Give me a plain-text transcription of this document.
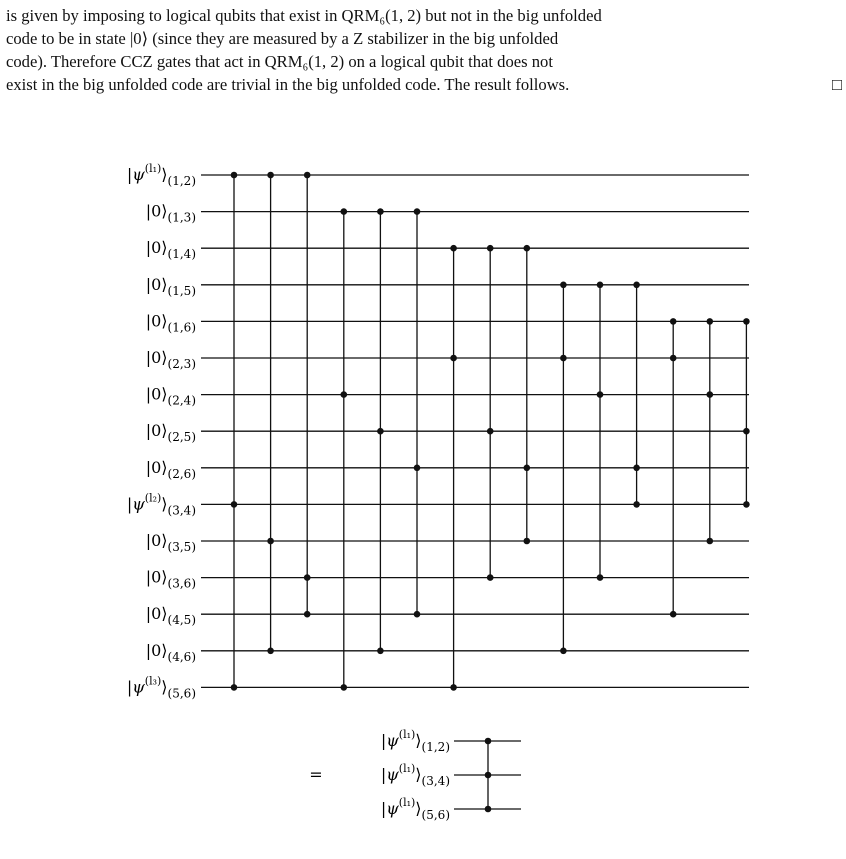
is given by imposing to logical qubits that exist in QRM₆(1, 2) but not in the big unfolded
code to be in state |0⟩ (since they are measured by a Z stabilizer in the big unfolded
code). Therefore CCZ gates that act in QRM₆(1, 2) on a logical qubit that does not
exist in the big unfolded code are trivial in the big unfolded code. The result follows.	□
$|\psi^{(l_1)}⟩_{(1,2)}$
$|0⟩_{(1,3)}$
$|0⟩_{(1,4)}$
$|0⟩_{(1,5)}$
$|0⟩_{(1,6)}$
$|0⟩_{(2,3)}$
$|0⟩_{(2,4)}$
$|0⟩_{(2,5)}$
$|0⟩_{(2,6)}$
$|\psi^{(l_2)}⟩_{(3,4)}$
$|0⟩_{(3,5)}$
$|0⟩_{(3,6)}$
$|0⟩_{(4,5)}$
$|0⟩_{(4,6)}$
$|\psi^{(l_3)}⟩_{(5,6)}$
=
$|\psi^{(l_1)}⟩_{(1,2)}$
$|\psi^{(l_1)}⟩_{(3,4)}$
$|\psi^{(l_1)}⟩_{(5,6)}$
